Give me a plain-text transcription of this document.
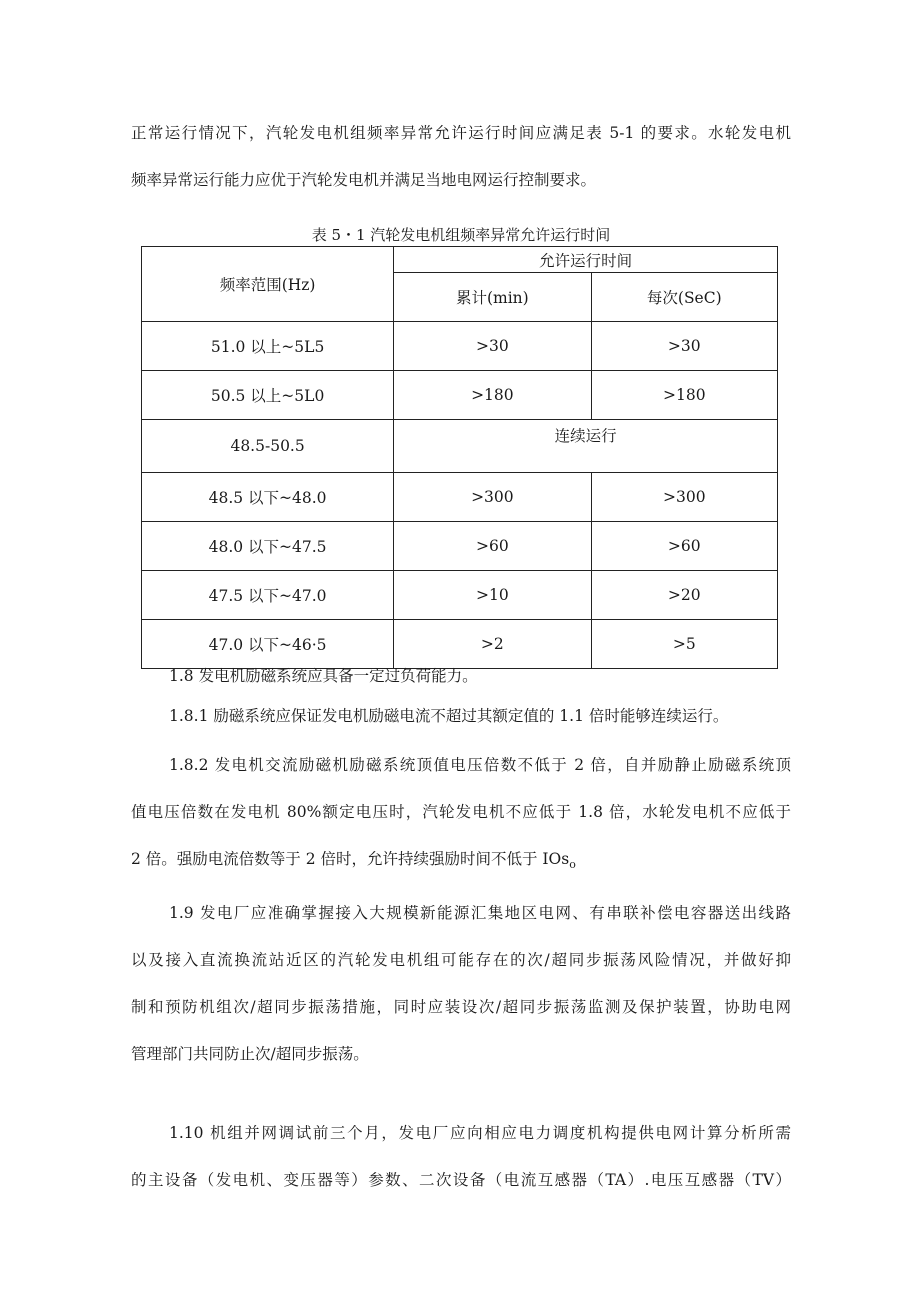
正常运行情况下，汽轮发电机组频率异常允许运行时间应满足表 5-1 的要求。水轮发电机
频率异常运行能力应优于汽轮发电机并满足当地电网运行控制要求。

表 5・1 汽轮发电机组频率异常允许运行时间

频率范围(Hz)	允许运行时间	
	累计(min)	每次(SeC)
51.0 以上~5L5	>30	>30
50.5 以上~5L0	>180	>180
48.5-50.5	连续运行	
48.5 以下~48.0	>300	>300
48.0 以下~47.5	>60	>60
47.5 以下~47.0	>10	>20
47.0 以下~46·5	>2	>5
1.8 发电机励磁系统应具备一定过负荷能力。
1.8.1 励磁系统应保证发电机励磁电流不超过其额定值的 1.1 倍时能够连续运行。
1.8.2 发电机交流励磁机励磁系统顶值电压倍数不低于 2 倍，自并励静止励磁系统顶
值电压倍数在发电机 80%额定电压时，汽轮发电机不应低于 1.8 倍，水轮发电机不应低于
2 倍。强励电流倍数等于 2 倍时，允许持续强励时间不低于 IOs$_o$
1.9 发电厂应准确掌握接入大规模新能源汇集地区电网、有串联补偿电容器送出线路
以及接入直流换流站近区的汽轮发电机组可能存在的次/超同步振荡风险情况，并做好抑
制和预防机组次/超同步振荡措施，同时应装设次/超同步振荡监测及保护装置，协助电网
管理部门共同防止次/超同步振荡。
1.10 机组并网调试前三个月，发电厂应向相应电力调度机构提供电网计算分析所需
的主设备（发电机、变压器等）参数、二次设备（电流互感器（TA）.电压互感器（TV）
